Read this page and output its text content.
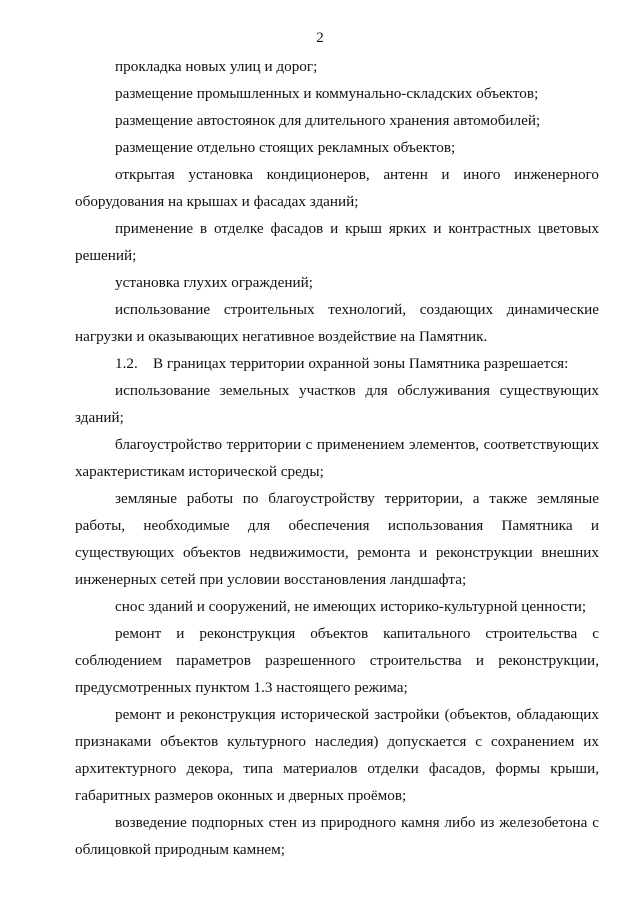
2

прокладка новых улиц и дорог;

размещение промышленных и коммунально-складских объектов;

размещение автостоянок для длительного хранения автомобилей;

размещение отдельно стоящих рекламных объектов;

открытая установка кондиционеров, антенн и иного инженерного оборудования на крышах и фасадах зданий;

применение в отделке фасадов и крыш ярких и контрастных цветовых решений;

установка глухих ограждений;

использование строительных технологий, создающих динамические нагрузки и оказывающих негативное воздействие на Памятник.

1.2. В границах территории охранной зоны Памятника разрешается:

использование земельных участков для обслуживания существующих зданий;

благоустройство территории с применением элементов, соответствующих характеристикам исторической среды;

земляные работы по благоустройству территории, а также земляные работы, необходимые для обеспечения использования Памятника и существующих объектов недвижимости, ремонта и реконструкции внешних инженерных сетей при условии восстановления ландшафта;

снос зданий и сооружений, не имеющих историко-культурной ценности;

ремонт и реконструкция объектов капитального строительства с соблюдением параметров разрешенного строительства и реконструкции, предусмотренных пунктом 1.3 настоящего режима;

ремонт и реконструкция исторической застройки (объектов, обладающих признаками объектов культурного наследия) допускается с сохранением их архитектурного декора, типа материалов отделки фасадов, формы крыши, габаритных размеров оконных и дверных проёмов;

возведение подпорных стен из природного камня либо из железобетона с облицовкой природным камнем;
